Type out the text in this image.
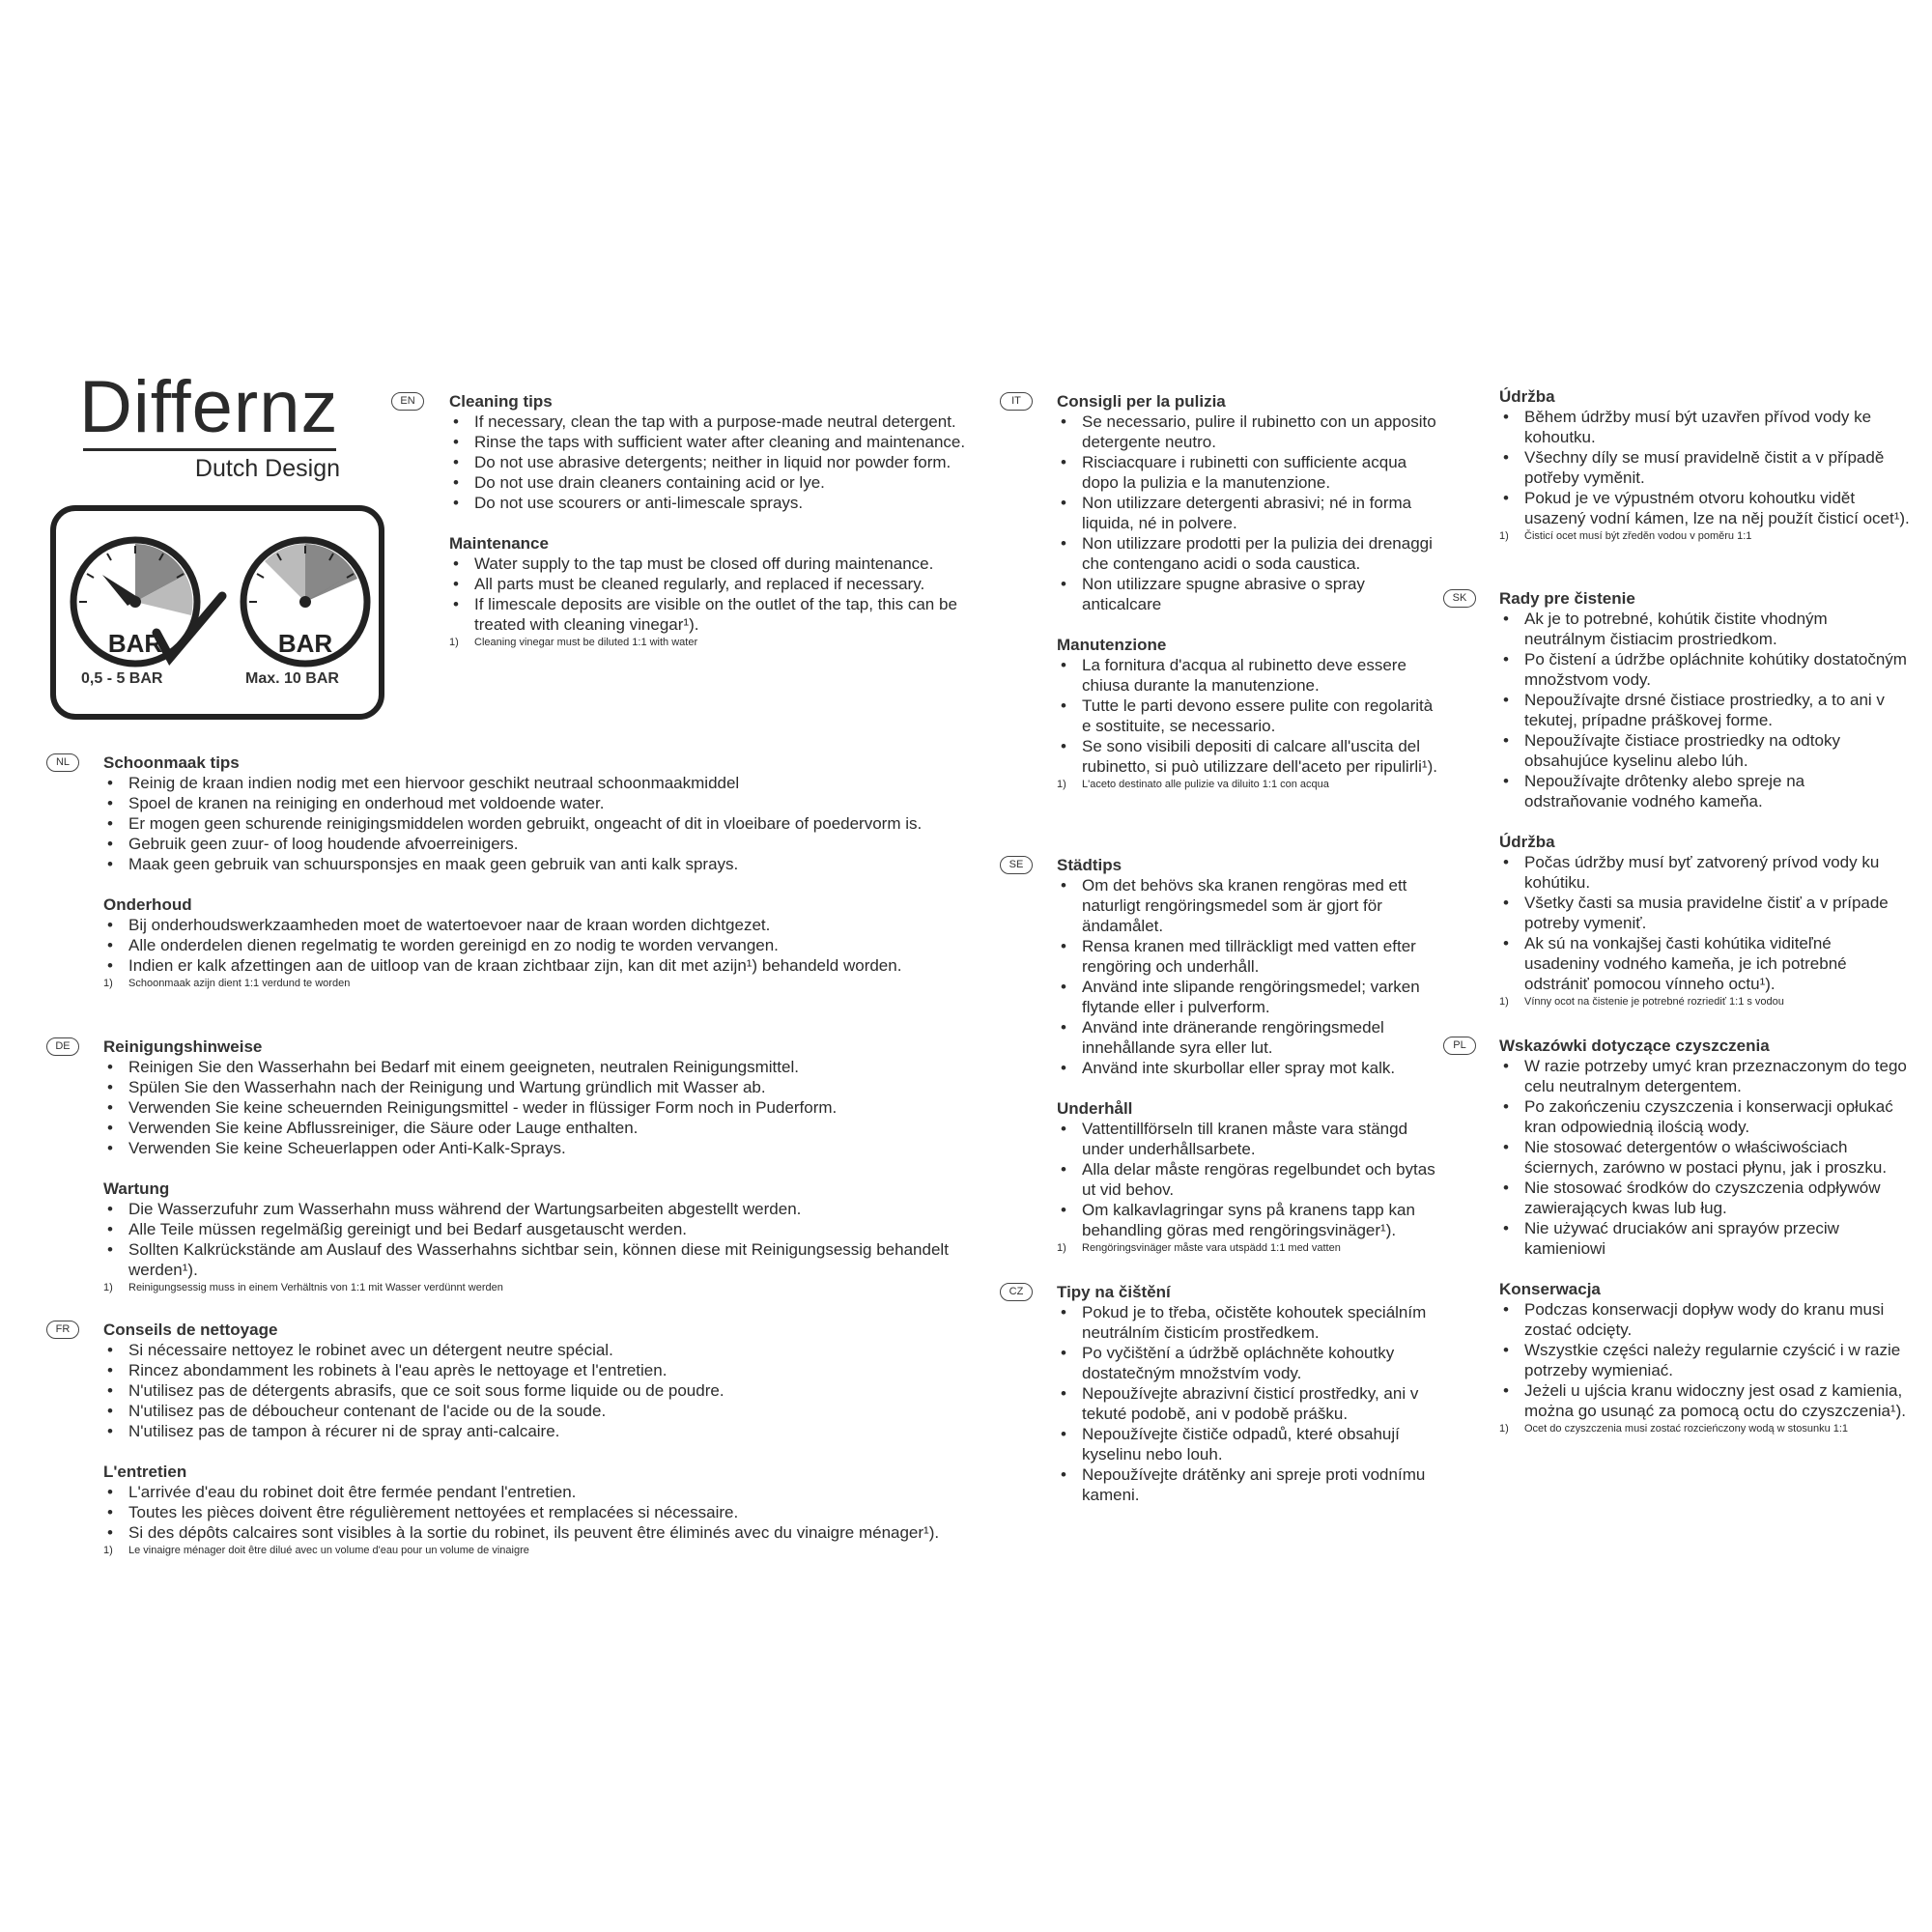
Differnz
Dutch Design
BAR	BAR
0,5 - 5 BAR	Max. 10 BAR
EN	Cleaning tips
• If necessary, clean the tap with a purpose-made neutral detergent.
• Rinse the taps with sufficient water after cleaning and maintenance.
• Do not use abrasive detergents; neither in liquid nor powder form.
• Do not use drain cleaners containing acid or lye.
• Do not use scourers or anti-limescale sprays.
Maintenance
• Water supply to the tap must be closed off during maintenance.
• All parts must be cleaned regularly, and replaced if necessary.
• If limescale deposits are visible on the outlet of the tap, this can be treated with cleaning vinegar¹).
1) Cleaning vinegar must be diluted 1:1 with water
NL	Schoonmaak tips
• Reinig de kraan indien nodig met een hiervoor geschikt neutraal schoonmaakmiddel
• Spoel de kranen na reiniging en onderhoud met voldoende water.
• Er mogen geen schurende reinigingsmiddelen worden gebruikt, ongeacht of dit in vloeibare of poedervorm is.
• Gebruik geen zuur- of loog houdende afvoerreinigers.
• Maak geen gebruik van schuursponsjes en maak geen gebruik van anti kalk sprays.
Onderhoud
• Bij onderhoudswerkzaamheden moet de watertoevoer naar de kraan worden dichtgezet.
• Alle onderdelen dienen regelmatig te worden gereinigd en zo nodig te worden vervangen.
• Indien er kalk afzettingen aan de uitloop van de kraan zichtbaar zijn, kan dit met azijn¹) behandeld worden.
1) Schoonmaak azijn dient 1:1 verdund te worden
DE	Reinigungshinweise
• Reinigen Sie den Wasserhahn bei Bedarf mit einem geeigneten, neutralen Reinigungsmittel.
• Spülen Sie den Wasserhahn nach der Reinigung und Wartung gründlich mit Wasser ab.
• Verwenden Sie keine scheuernden Reinigungsmittel - weder in flüssiger Form noch in Puderform.
• Verwenden Sie keine Abflussreiniger, die Säure oder Lauge enthalten.
• Verwenden Sie keine Scheuerlappen oder Anti-Kalk-Sprays.
Wartung
• Die Wasserzufuhr zum Wasserhahn muss während der Wartungsarbeiten abgestellt werden.
• Alle Teile müssen regelmäßig gereinigt und bei Bedarf ausgetauscht werden.
• Sollten Kalkrückstände am Auslauf des Wasserhahns sichtbar sein, können diese mit Reinigungsessig behandelt werden¹).
1) Reinigungsessig muss in einem Verhältnis von 1:1 mit Wasser verdünnt werden
FR	Conseils de nettoyage
• Si nécessaire nettoyez le robinet avec un détergent neutre spécial.
• Rincez abondamment les robinets à l'eau après le nettoyage et l'entretien.
• N'utilisez pas de détergents abrasifs, que ce soit sous forme liquide ou de poudre.
• N'utilisez pas de déboucheur contenant de l'acide ou de la soude.
• N'utilisez pas de tampon à récurer ni de spray anti-calcaire.
L'entretien
• L'arrivée d'eau du robinet doit être fermée pendant l'entretien.
• Toutes les pièces doivent être régulièrement nettoyées et remplacées si nécessaire.
• Si des dépôts calcaires sont visibles à la sortie du robinet, ils peuvent être éliminés avec du vinaigre ménager¹).
1) Le vinaigre ménager doit être dilué avec un volume d'eau pour un volume de vinaigre
IT	Consigli per la pulizia
• Se necessario, pulire il rubinetto con un apposito detergente neutro.
• Risciacquare i rubinetti con sufficiente acqua dopo la pulizia e la manutenzione.
• Non utilizzare detergenti abrasivi; né in forma liquida, né in polvere.
• Non utilizzare prodotti per la pulizia dei drenaggi che contengano acidi o soda caustica.
• Non utilizzare spugne abrasive o spray anticalcare
Manutenzione
• La fornitura d'acqua al rubinetto deve essere chiusa durante la manutenzione.
• Tutte le parti devono essere pulite con regolarità e sostituite, se necessario.
• Se sono visibili depositi di calcare all'uscita del rubinetto, si può utilizzare dell'aceto per ripulirli¹).
1) L'aceto destinato alle pulizie va diluito 1:1 con acqua
SE	Städtips
• Om det behövs ska kranen rengöras med ett naturligt rengöringsmedel som är gjort för ändamålet.
• Rensa kranen med tillräckligt med vatten efter rengöring och underhåll.
• Använd inte slipande rengöringsmedel; varken flytande eller i pulverform.
• Använd inte dränerande rengöringsmedel innehållande syra eller lut.
• Använd inte skurbollar eller spray mot kalk.
Underhåll
• Vattentillförseln till kranen måste vara stängd under underhållsarbete.
• Alla delar måste rengöras regelbundet och bytas ut vid behov.
• Om kalkavlagringar syns på kranens tapp kan behandling göras med rengöringsvinäger¹).
1) Rengöringsvinäger måste vara utspädd 1:1 med vatten
CZ	Tipy na čištění
• Pokud je to třeba, očistěte kohoutek speciálním neutrálním čisticím prostředkem.
• Po vyčištění a údržbě opláchněte kohoutky dostatečným množstvím vody.
• Nepoužívejte abrazivní čisticí prostředky, ani v tekuté podobě, ani v podobě prášku.
• Nepoužívejte čističe odpadů, které obsahují kyselinu nebo louh.
• Nepoužívejte drátěnky ani spreje proti vodnímu kameni.
Údržba
• Během údržby musí být uzavřen přívod vody ke kohoutku.
• Všechny díly se musí pravidelně čistit a v případě potřeby vyměnit.
• Pokud je ve výpustném otvoru kohoutku vidět usazený vodní kámen, lze na něj použít čisticí ocet¹).
1) Čisticí ocet musí být zředěn vodou v poměru 1:1
SK	Rady pre čistenie
• Ak je to potrebné, kohútik čistite vhodným neutrálnym čistiacim prostriedkom.
• Po čistení a údržbe opláchnite kohútiky dostatočným množstvom vody.
• Nepoužívajte drsné čistiace prostriedky, a to ani v tekutej, prípadne práškovej forme.
• Nepoužívajte čistiace prostriedky na odtoky obsahujúce kyselinu alebo lúh.
• Nepoužívajte drôtenky alebo spreje na odstraňovanie vodného kameňa.
Údržba
• Počas údržby musí byť zatvorený prívod vody ku kohútiku.
• Všetky časti sa musia pravidelne čistiť a v prípade potreby vymeniť.
• Ak sú na vonkajšej časti kohútika viditeľné usadeniny vodného kameňa, je ich potrebné odstrániť pomocou vínneho octu¹).
1) Vínny ocot na čistenie je potrebné rozriediť 1:1 s vodou
PL	Wskazówki dotyczące czyszczenia
• W razie potrzeby umyć kran przeznaczonym do tego celu neutralnym detergentem.
• Po zakończeniu czyszczenia i konserwacji opłukać kran odpowiednią ilością wody.
• Nie stosować detergentów o właściwościach ściernych, zarówno w postaci płynu, jak i proszku.
• Nie stosować środków do czyszczenia odpływów zawierających kwas lub ług.
• Nie używać druciaków ani sprayów przeciw kamieniowi
Konserwacja
• Podczas konserwacji dopływ wody do kranu musi zostać odcięty.
• Wszystkie części należy regularnie czyścić i w razie potrzeby wymieniać.
• Jeżeli u ujścia kranu widoczny jest osad z kamienia, można go usunąć za pomocą octu do czyszczenia¹).
1) Ocet do czyszczenia musi zostać rozcieńczony wodą w stosunku 1:1
